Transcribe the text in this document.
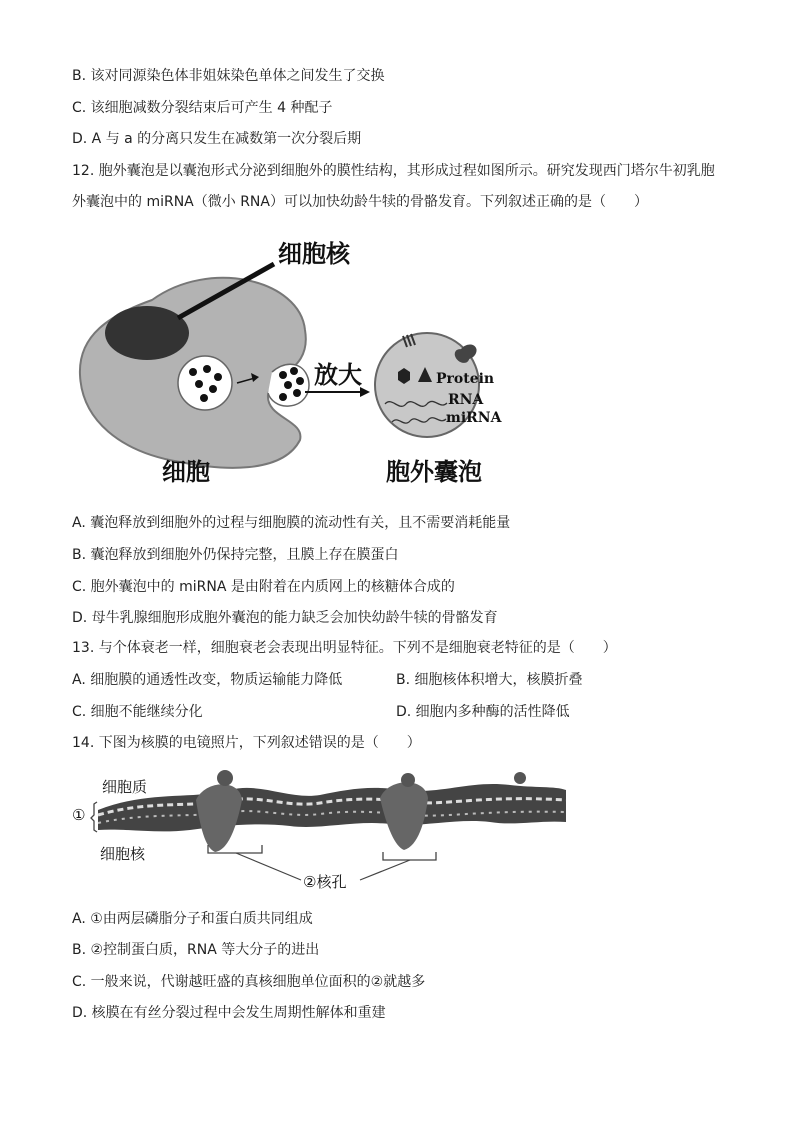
B. 该对同源染色体非姐妹染色单体之间发生了交换
C. 该细胞减数分裂结束后可产生 4 种配子
D. A 与 a 的分离只发生在减数第一次分裂后期
12. 胞外囊泡是以囊泡形式分泌到细胞外的膜性结构，其形成过程如图所示。研究发现西门塔尔牛初乳胞
外囊泡中的 miRNA（微小 RNA）可以加快幼龄牛犊的骨骼发育。下列叙述正确的是（　　）
细胞核
放大
细胞	胞外囊泡
Protein
RNA
miRNA
细胞质
①
细胞核
②核孔
A. 囊泡释放到细胞外的过程与细胞膜的流动性有关，且不需要消耗能量
B. 囊泡释放到细胞外仍保持完整，且膜上存在膜蛋白
C. 胞外囊泡中的 miRNA 是由附着在内质网上的核糖体合成的
D. 母牛乳腺细胞形成胞外囊泡的能力缺乏会加快幼龄牛犊的骨骼发育
13. 与个体衰老一样，细胞衰老会表现出明显特征。下列不是细胞衰老特征的是（　　）
A. 细胞膜的通透性改变，物质运输能力降低	B. 细胞核体积增大，核膜折叠
C. 细胞不能继续分化	D. 细胞内多种酶的活性降低
14. 下图为核膜的电镜照片，下列叙述错误的是（　　）
A. ①由两层磷脂分子和蛋白质共同组成
B. ②控制蛋白质，RNA 等大分子的进出
C. 一般来说，代谢越旺盛的真核细胞单位面积的②就越多
D. 核膜在有丝分裂过程中会发生周期性解体和重建
